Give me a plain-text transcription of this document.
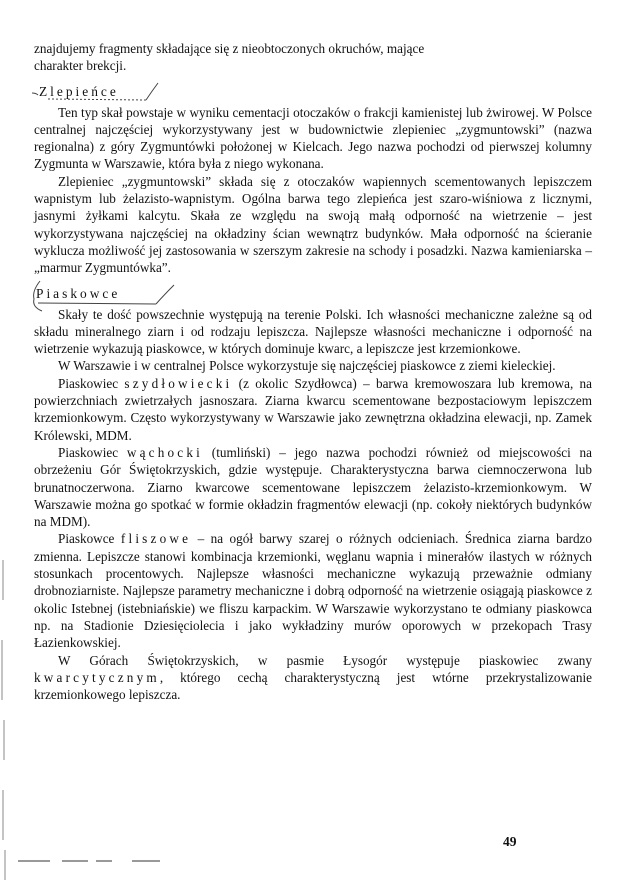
znajdujemy fragmenty składające się z nieobtoczonych okruchów, mające
charakter brekcji.

Zlepieńce

Ten typ skał powstaje w wyniku cementacji otoczaków o frakcji kamienistej lub żwirowej. W Polsce centralnej najczęściej wykorzystywany jest w budownictwie zlepieniec „zygmuntowski” (nazwa regionalna) z góry Zygmuntówki położonej w Kielcach. Jego nazwa pochodzi od pierwszej kolumny Zygmunta w Warszawie, która była z niego wykonana.

Zlepieniec „zygmuntowski” składa się z otoczaków wapiennych scementowanych lepiszczem wapnistym lub żelazisto-wapnistym. Ogólna barwa tego zlepieńca jest szaro-wiśniowa z licznymi, jasnymi żyłkami kalcytu. Skała ze względu na swoją małą odporność na wietrzenie – jest wykorzystywana najczęściej na okładziny ścian wewnątrz budynków. Mała odporność na ścieranie wyklucza możliwość jej zastosowania w szerszym zakresie na schody i posadzki. Nazwa kamieniarska – „marmur Zygmuntówka”.

Piaskowce

Skały te dość powszechnie występują na terenie Polski. Ich własności mechaniczne zależne są od składu mineralnego ziarn i od rodzaju lepiszcza. Najlepsze własności mechaniczne i odporność na wietrzenie wykazują piaskowce, w których dominuje kwarc, a lepiszcze jest krzemionkowe.

W Warszawie i w centralnej Polsce wykorzystuje się najczęściej piaskowce z ziemi kieleckiej.

Piaskowiec szydłowiecki (z okolic Szydłowca) – barwa kremowoszara lub kremowa, na powierzchniach zwietrzałych jasnoszara. Ziarna kwarcu scementowane bezpostaciowym lepiszczem krzemionkowym. Często wykorzystywany w Warszawie jako zewnętrzna okładzina elewacji, np. Zamek Królewski, MDM.

Piaskowiec wąchocki (tumliński) – jego nazwa pochodzi również od miejscowości na obrzeżeniu Gór Świętokrzyskich, gdzie występuje. Charakterystyczna barwa ciemnoczerwona lub brunatnoczerwona. Ziarno kwarcowe scementowane lepiszczem żelazisto-krzemionkowym. W Warszawie można go spotkać w formie okładzin fragmentów elewacji (np. cokoły niektórych budynków na MDM).

Piaskowce fliszowe – na ogół barwy szarej o różnych odcieniach. Średnica ziarna bardzo zmienna. Lepiszcze stanowi kombinacja krzemionki, węglanu wapnia i minerałów ilastych w różnych stosunkach procentowych. Najlepsze własności mechaniczne wykazują przeważnie odmiany drobnoziarniste. Najlepsze parametry mechaniczne i dobrą odporność na wietrzenie osiągają piaskowce z okolic Istebnej (istebniańskie) we fliszu karpackim. W Warszawie wykorzystano te odmiany piaskowca np. na Stadionie Dziesięciolecia i jako wykładziny murów oporowych w przekopach Trasy Łazienkowskiej.

W Górach Świętokrzyskich, w pasmie Łysogór występuje piaskowiec zwany kwarcytycznym, którego cechą charakterystyczną jest wtórne przekrystalizowanie krzemionkowego lepiszcza.

49
